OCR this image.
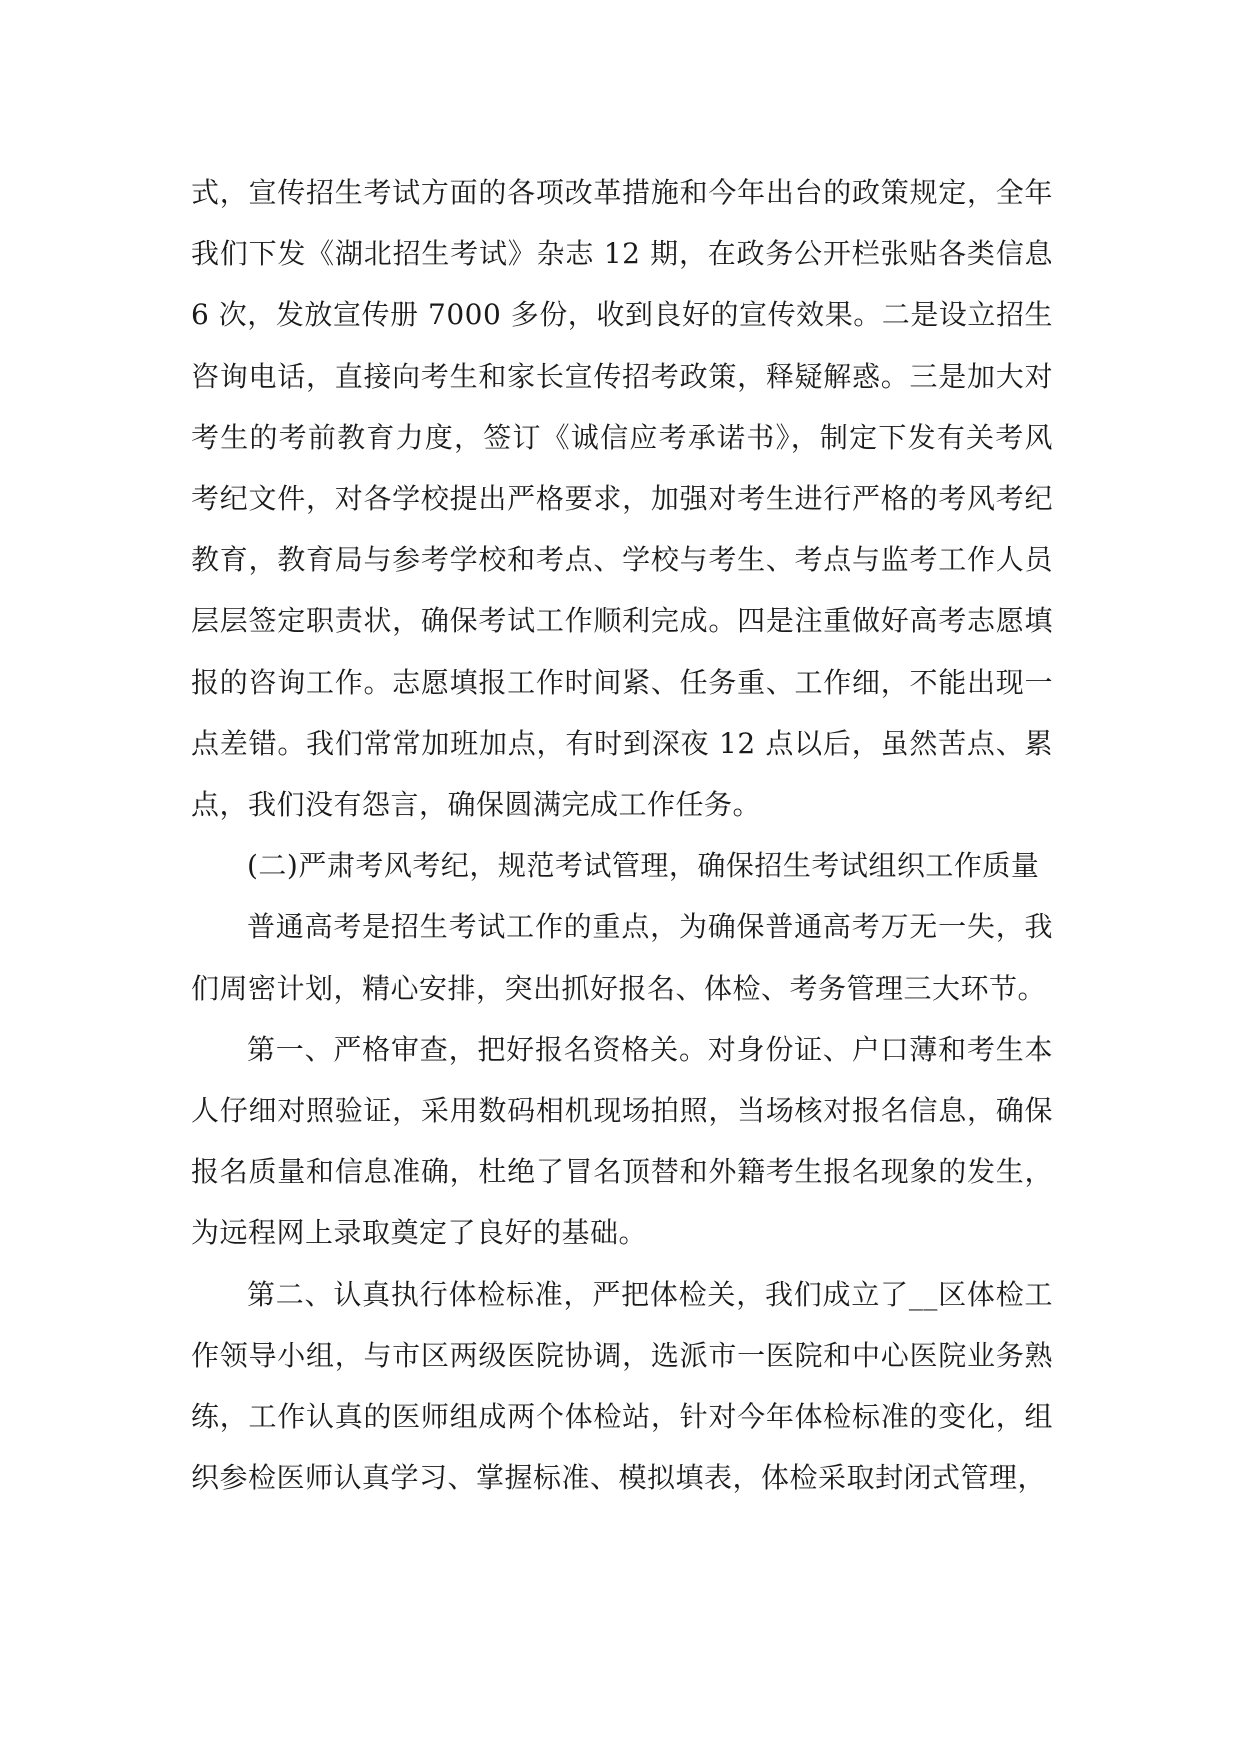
式，宣传招生考试方面的各项改革措施和今年出台的政策规定，全年我们下发《湖北招生考试》杂志 12 期，在政务公开栏张贴各类信息 6 次，发放宣传册 7000 多份，收到良好的宣传效果。二是设立招生咨询电话，直接向考生和家长宣传招考政策，释疑解惑。三是加大对考生的考前教育力度，签订《诚信应考承诺书》，制定下发有关考风考纪文件，对各学校提出严格要求，加强对考生进行严格的考风考纪教育，教育局与参考学校和考点、学校与考生、考点与监考工作人员层层签定职责状，确保考试工作顺利完成。四是注重做好高考志愿填报的咨询工作。志愿填报工作时间紧、任务重、工作细，不能出现一点差错。我们常常加班加点，有时到深夜 12 点以后，虽然苦点、累点，我们没有怨言，确保圆满完成工作任务。

(二)严肃考风考纪，规范考试管理，确保招生考试组织工作质量

普通高考是招生考试工作的重点，为确保普通高考万无一失，我们周密计划，精心安排，突出抓好报名、体检、考务管理三大环节。

第一、严格审查，把好报名资格关。对身份证、户口薄和考生本人仔细对照验证，采用数码相机现场拍照，当场核对报名信息，确保报名质量和信息准确，杜绝了冒名顶替和外籍考生报名现象的发生，为远程网上录取奠定了良好的基础。

第二、认真执行体检标准，严把体检关，我们成立了__区体检工作领导小组，与市区两级医院协调，选派市一医院和中心医院业务熟练，工作认真的医师组成两个体检站，针对今年体检标准的变化，组织参检医师认真学习、掌握标准、模拟填表，体检采取封闭式管理，
